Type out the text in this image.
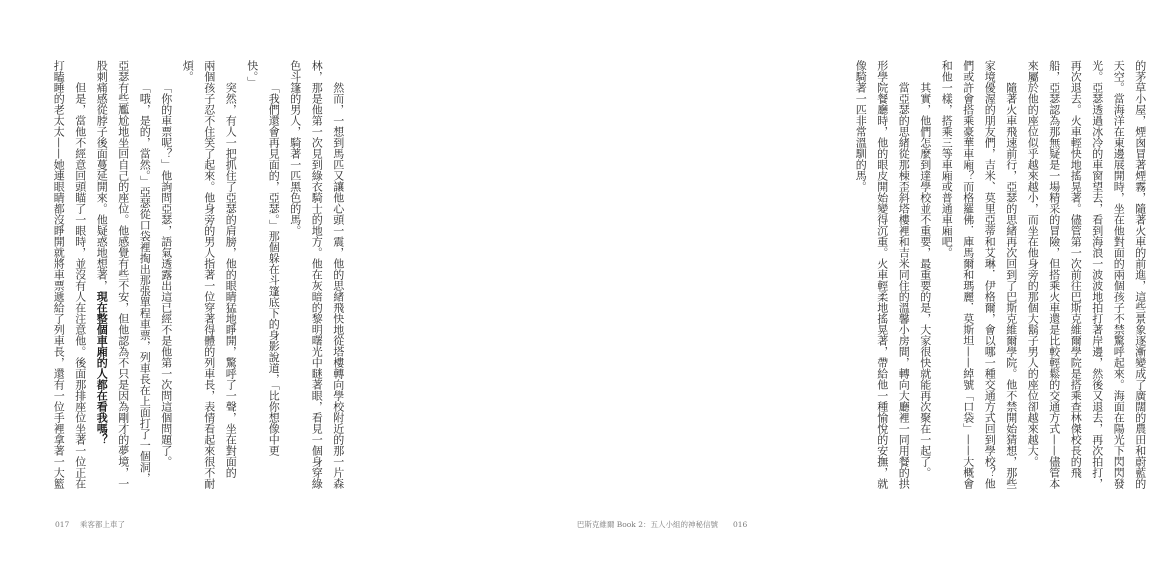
然而，一想到馬匹又讓他心頭一震，他的思緒飛快地從塔樓轉向學校附近的那一片森
林，那是他第一次見到綠衣騎士的地方。他在灰暗的黎明曙光中瞇著眼，看見一個身穿綠
色斗篷的男人，騎著一匹黑色的馬。
「我們還會再見面的，亞瑟。」那個躲在斗篷底下的身影說道，「比你想像中更
快。」
突然，有人一把抓住了亞瑟的肩膀，他的眼睛猛地睜開，驚呼了一聲，坐在對面的
兩個孩子忍不住笑了起來。他身旁的男人指著一位穿著得體的列車長，表情看起來很不耐
煩。
「你的車票呢？」他詢問亞瑟，語氣透露出這已經不是他第一次問這個問題了。
「哦，是的，當然。」亞瑟從口袋裡掏出那張單程車票，列車長在上面打了一個洞，
亞瑟有些尷尬地坐回自己的座位。他感覺有些不安，但他認為不只是因為剛才的夢境，一
股刺痛感從脖子後面蔓延開來。他疑惑地想著，現在整個車廂的人都在看我嗎？
但是，當他不經意回頭瞄了一眼時，並沒有人在注意他。後面那排座位坐著一位正在
打瞌睡的老太太——她連眼睛都沒睜開就將車票遞給了列車長，還有一位手裡拿著一大籃
017 乘客都上車了
的茅草小屋，煙囪冒著煙霧，隨著火車的前進，這些景象逐漸變成了廣闊的農田和蔚藍的
天空。當海洋在東邊展開時，坐在他對面的兩個孩子不禁驚呼起來。海面在陽光下閃閃發
光。亞瑟透過冰冷的車窗望去，看到海浪一波波地拍打著岸邊，然後又退去，再次拍打，
再次退去。火車輕快地搖晃著。儘管第一次前往巴斯克維爾學院是搭乘查林傑校長的飛
船，亞瑟認為那無疑是一場精采的冒險，但搭乘火車還是比較輕鬆的交通方式——儘管本
來屬於他的座位似乎越來越小，而坐在他身旁的那個大鬍子男人的座位卻越來越大。
隨著火車飛速前行，亞瑟的思緒再次回到了巴斯克維爾學院。他不禁開始猜想，那些
家境優渥的朋友們，吉米、莫里亞蒂和艾琳．伊格爾，會以哪一種交通方式回到學校？他
們或許會搭乘豪華車廂？而格羅佛．庫馬爾和瑪麗．莫斯坦——綽號「口袋」——大概會
和他一樣，搭乘三等車廂或普通車廂吧。
其實，他們怎麼到達學校並不重要，最重要的是，大家很快就能再次聚在一起了。
當亞瑟的思緒從那棟歪斜塔樓裡和吉米同住的溫馨小房間，轉向大廳裡一同用餐的拱
形學院餐廳時，他的眼皮開始變得沉重。火車輕柔地搖晃著，帶給他一種愉悅的安撫，就
像騎著一匹非常溫馴的馬。
巴斯克維爾 Book 2：五人小組的神秘信號 016
